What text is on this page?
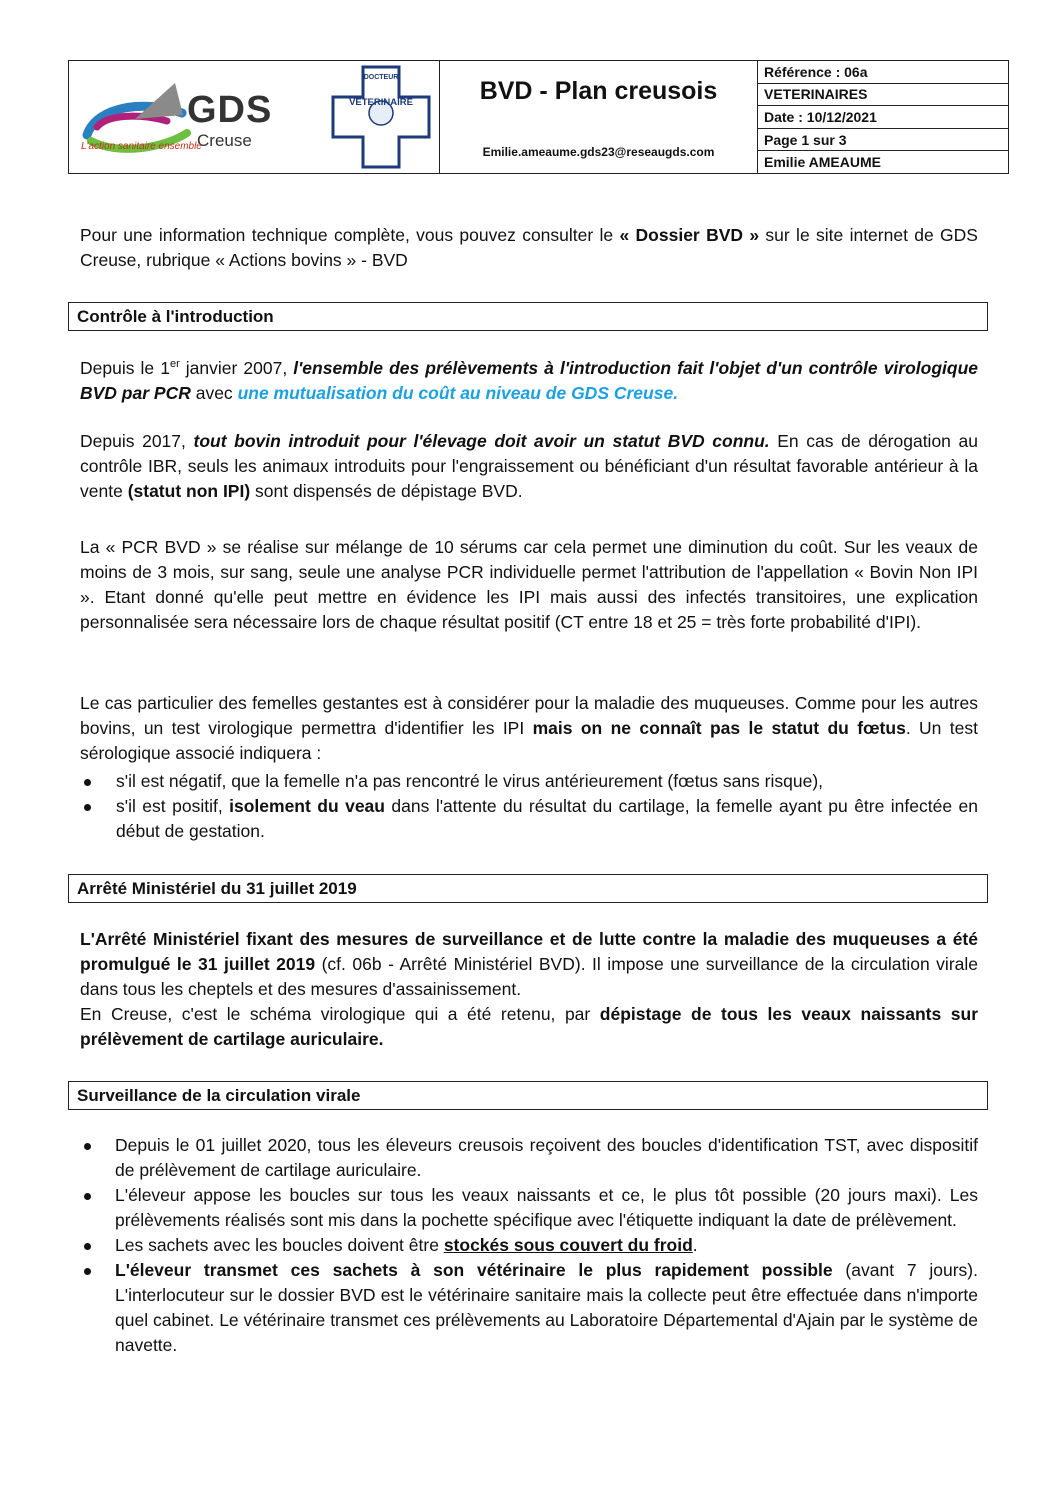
GDS
Creuse
L'action sanitaire ensemble
DOCTEUR
VETERINAIRE	BVD - Plan creusois
Emilie.ameaume.gds23@reseaugds.com
Référence : 06a
VETERINAIRES
Date : 10/12/2021
Page 1 sur 3
Emilie AMEAUME

Pour une information technique complète, vous pouvez consulter le « Dossier BVD » sur le site internet de GDS Creuse, rubrique « Actions bovins » - BVD

Contrôle à l'introduction

Depuis le 1er janvier 2007, l'ensemble des prélèvements à l'introduction fait l'objet d'un contrôle virologique BVD par PCR avec une mutualisation du coût au niveau de GDS Creuse.

Depuis 2017, tout bovin introduit pour l'élevage doit avoir un statut BVD connu. En cas de dérogation au contrôle IBR, seuls les animaux introduits pour l'engraissement ou bénéficiant d'un résultat favorable antérieur à la vente (statut non IPI) sont dispensés de dépistage BVD.

La « PCR BVD » se réalise sur mélange de 10 sérums car cela permet une diminution du coût. Sur les veaux de moins de 3 mois, sur sang, seule une analyse PCR individuelle permet l'attribution de l'appellation « Bovin Non IPI ». Etant donné qu'elle peut mettre en évidence les IPI mais aussi des infectés transitoires, une explication personnalisée sera nécessaire lors de chaque résultat positif (CT entre 18 et 25 = très forte probabilité d'IPI).

Le cas particulier des femelles gestantes est à considérer pour la maladie des muqueuses. Comme pour les autres bovins, un test virologique permettra d'identifier les IPI mais on ne connaît pas le statut du fœtus. Un test sérologique associé indiquera :

s'il est négatif, que la femelle n'a pas rencontré le virus antérieurement (fœtus sans risque),
s'il est positif, isolement du veau dans l'attente du résultat du cartilage, la femelle ayant pu être infectée en début de gestation.
Arrêté Ministériel du 31 juillet 2019

L'Arrêté Ministériel fixant des mesures de surveillance et de lutte contre la maladie des muqueuses a été promulgué le 31 juillet 2019 (cf. 06b - Arrêté Ministériel BVD). Il impose une surveillance de la circulation virale dans tous les cheptels et des mesures d'assainissement.
En Creuse, c'est le schéma virologique qui a été retenu, par dépistage de tous les veaux naissants sur prélèvement de cartilage auriculaire.

Surveillance de la circulation virale
Depuis le 01 juillet 2020, tous les éleveurs creusois reçoivent des boucles d'identification TST, avec dispositif de prélèvement de cartilage auriculaire.
L'éleveur appose les boucles sur tous les veaux naissants et ce, le plus tôt possible (20 jours maxi). Les prélèvements réalisés sont mis dans la pochette spécifique avec l'étiquette indiquant la date de prélèvement.
Les sachets avec les boucles doivent être stockés sous couvert du froid.
L'éleveur transmet ces sachets à son vétérinaire le plus rapidement possible (avant 7 jours). L'interlocuteur sur le dossier BVD est le vétérinaire sanitaire mais la collecte peut être effectuée dans n'importe quel cabinet. Le vétérinaire transmet ces prélèvements au Laboratoire Départemental d'Ajain par le système de navette.
